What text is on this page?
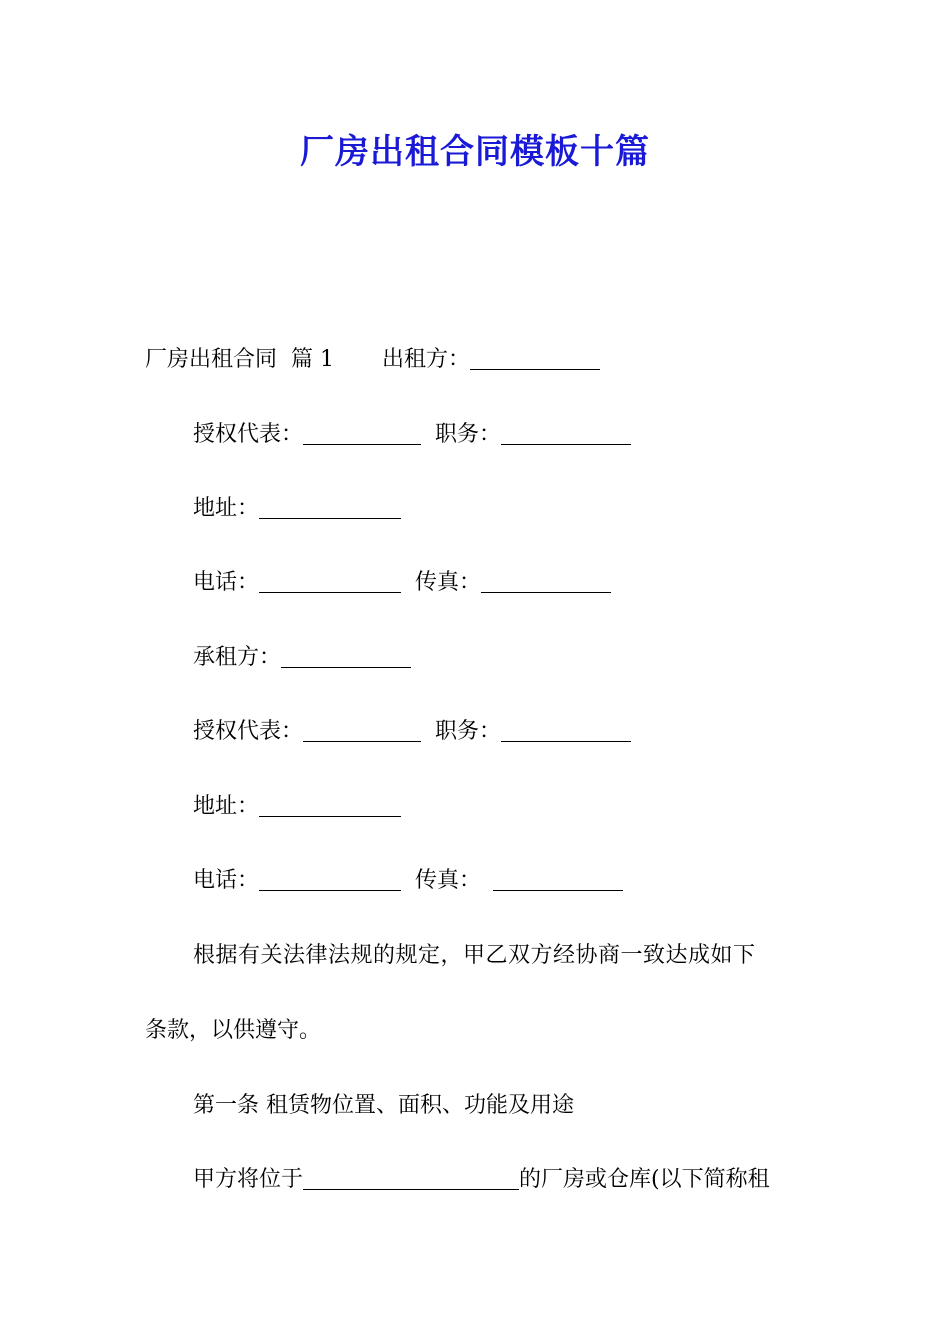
厂房出租合同模板十篇
厂房出租合同 篇 1 出租方：
授权代表：	职务：
地址：
电话：	传真：
承租方：
授权代表：	职务：
地址：
电话：	传真：
根据有关法律法规的规定，甲乙双方经协商一致达成如下
条款，以供遵守。
第一条 租赁物位置、面积、功能及用途
甲方将位于	的厂房或仓库(以下简称租
